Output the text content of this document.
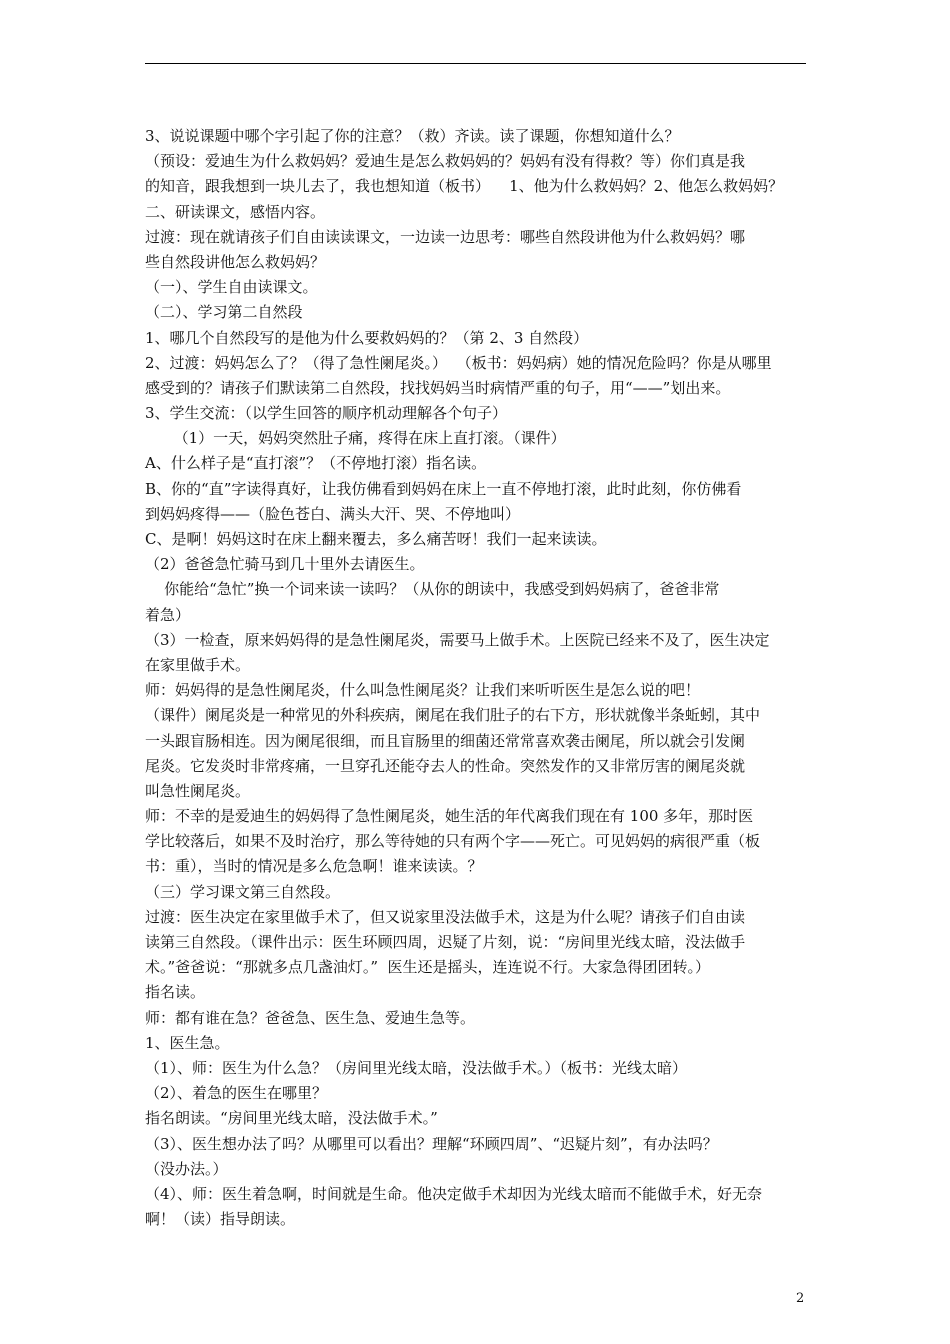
3、说说课题中哪个字引起了你的注意？（救）齐读。读了课题，你想知道什么？
（预设：爱迪生为什么救妈妈？爱迪生是怎么救妈妈的？妈妈有没有得救？等）你们真是我
的知音，跟我想到一块儿去了，我也想知道（板书）    1、他为什么救妈妈？2、他怎么救妈妈？
二、研读课文，感悟内容。
过渡：现在就请孩子们自由读读课文，一边读一边思考：哪些自然段讲他为什么救妈妈？哪
些自然段讲他怎么救妈妈？
（一）、学生自由读课文。
（二）、学习第二自然段
1、哪几个自然段写的是他为什么要救妈妈的？（第 2、3 自然段）
2、过渡：妈妈怎么了？（得了急性阑尾炎。）  （板书：妈妈病）她的情况危险吗？你是从哪里
感受到的？请孩子们默读第二自然段，找找妈妈当时病情严重的句子，用“——”划出来。
3、学生交流：（以学生回答的顺序机动理解各个句子）
（1）一天，妈妈突然肚子痛，疼得在床上直打滚。（课件）
A、什么样子是“直打滚”？（不停地打滚）指名读。
B、你的“直”字读得真好，让我仿佛看到妈妈在床上一直不停地打滚，此时此刻，你仿佛看
到妈妈疼得——（脸色苍白、满头大汗、哭、不停地叫）
C、是啊！妈妈这时在床上翻来覆去，多么痛苦呀！我们一起来读读。
（2）爸爸急忙骑马到几十里外去请医生。
你能给“急忙”换一个词来读一读吗？（从你的朗读中，我感受到妈妈病了，爸爸非常
着急）
（3）一检查，原来妈妈得的是急性阑尾炎，需要马上做手术。上医院已经来不及了，医生决定
在家里做手术。
师：妈妈得的是急性阑尾炎，什么叫急性阑尾炎？让我们来听听医生是怎么说的吧！
（课件）阑尾炎是一种常见的外科疾病，阑尾在我们肚子的右下方，形状就像半条蚯蚓，其中
一头跟盲肠相连。因为阑尾很细，而且盲肠里的细菌还常常喜欢袭击阑尾，所以就会引发阑
尾炎。它发炎时非常疼痛，一旦穿孔还能夺去人的性命。突然发作的又非常厉害的阑尾炎就
叫急性阑尾炎。
师：不幸的是爱迪生的妈妈得了急性阑尾炎，她生活的年代离我们现在有 100 多年，那时医
学比较落后，如果不及时治疗，那么等待她的只有两个字——死亡。可见妈妈的病很严重（板
书：重），当时的情况是多么危急啊！谁来读读。？
（三）学习课文第三自然段。
过渡：医生决定在家里做手术了，但又说家里没法做手术，这是为什么呢？请孩子们自由读
读第三自然段。（课件出示：医生环顾四周，迟疑了片刻，说：“房间里光线太暗，没法做手
术。”爸爸说：“那就多点几盏油灯。”  医生还是摇头，连连说不行。大家急得团团转。）
指名读。
师：都有谁在急？爸爸急、医生急、爱迪生急等。
1、医生急。
（1）、师：医生为什么急？（房间里光线太暗，没法做手术。）（板书：光线太暗）
（2）、着急的医生在哪里？
指名朗读。“房间里光线太暗，没法做手术。”
（3）、医生想办法了吗？从哪里可以看出？理解“环顾四周”、“迟疑片刻”，有办法吗？
（没办法。）
（4）、师：医生着急啊，时间就是生命。他决定做手术却因为光线太暗而不能做手术，好无奈
啊！（读）指导朗读。
2
